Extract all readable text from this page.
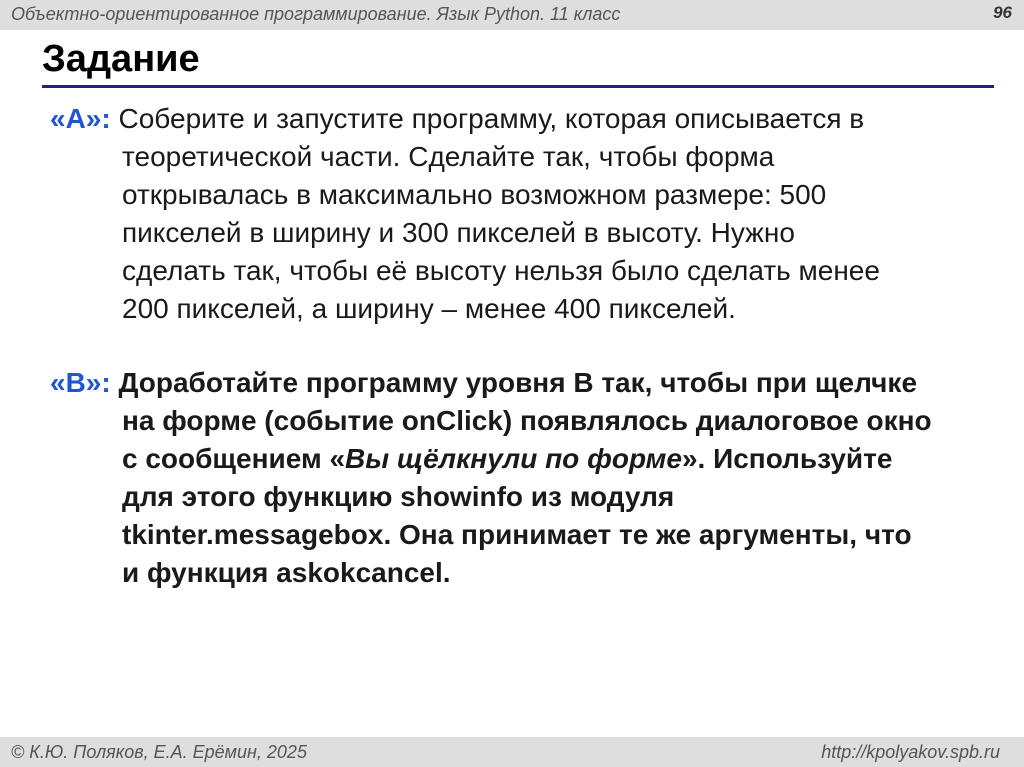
Объектно-ориентированное программирование. Язык Python. 11 класс	96
Задание
«A»: Соберите и запустите программу, которая описывается в
теоретической части. Сделайте так, чтобы форма
открывалась в максимально возможном размере: 500
пикселей в ширину и 300 пикселей в высоту. Нужно
сделать так, чтобы её высоту нельзя было сделать менее
200 пикселей, а ширину – менее 400 пикселей.
«B»: Доработайте программу уровня B так, чтобы при щелчке
на форме (событие onClick) появлялось диалоговое окно
с сообщением «Вы щёлкнули по форме». Используйте
для этого функцию showinfo из модуля
tkinter.messagebox. Она принимает те же аргументы, что
и функция askokcancel.
© К.Ю. Поляков, Е.А. Ерёмин, 2025	http://kpolyakov.spb.ru
